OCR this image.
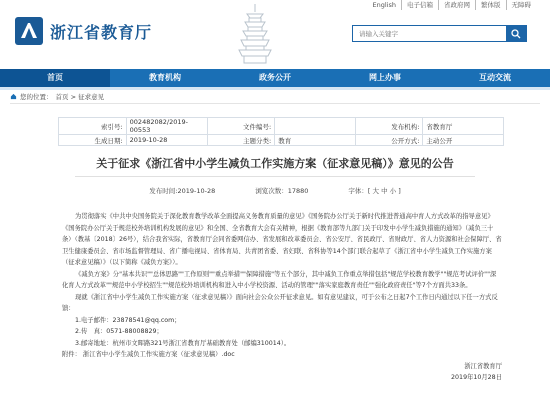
浙江省教育厅
请输入关键字
English	电子信箱	省政府网	繁体版	无障碍
首页	教育机构	政务公开	网上办事	互动交流
您的位置： 首页 > 征求意见
索引号:	002482082/2019-00553	文件编号:		发布机构:	省教育厅
生成日期:	2019-10-28	主题分类:	教育	公开方式:	主动公开
关于征求《浙江省中小学生减负工作实施方案（征求意见稿）》意见的公告
发布时间:2019-10-28	浏览次数：17880	字体：[ 大 中 小 ]

为贯彻落实《中共中央国务院关于深化教育教学改革全面提高义务教育质量的意见》《国务院办公厅关于新时代推进普通高中育人方式改革的指导意见》《国务院办公厅关于规范校外培训机构发展的意见》和全国、全省教育大会有关精神，根据《教育部等九部门关于印发中小学生减负措施的通知》（减负三十条）（教基〔2018〕26号），结合我省实际，省教育厅会同省委网信办、省发展和改革委员会、省公安厅、省民政厅、省财政厅、省人力资源和社会保障厅、省卫生健康委员会、省市场监督管理局、省广播电视局、省体育局、共青团省委、省妇联、省科协等14个部门联合起草了《浙江省中小学生减负工作实施方案（征求意见稿）》（以下简称《减负方案》）。

《减负方案》分"基本共识""总体思路""工作原则""重点举措""保障措施"等五个部分，其中减负工作重点举措包括"规范学校教育教学""规范考试评价""深化育人方式改革""规范中小学校招生""规范校外培训机构和进入中小学校资源、活动的管理""落实家庭教育责任""强化政府责任"等7个方面共33条。

现就《浙江省中小学生减负工作实施方案（征求意见稿）》面向社会公众公开征求意见。如有意见建议，可于公布之日起7个工作日内通过以下任一方式反馈：

1.电子邮件：23878541@qq.com；

2.传　真：0571-88008829；

3.邮寄地址：杭州市文晖路321号浙江省教育厅基础教育处（邮编310014）。

附件： 浙江省中小学生减负工作实施方案（征求意见稿）.doc

浙江省教育厅

2019年10月28日
